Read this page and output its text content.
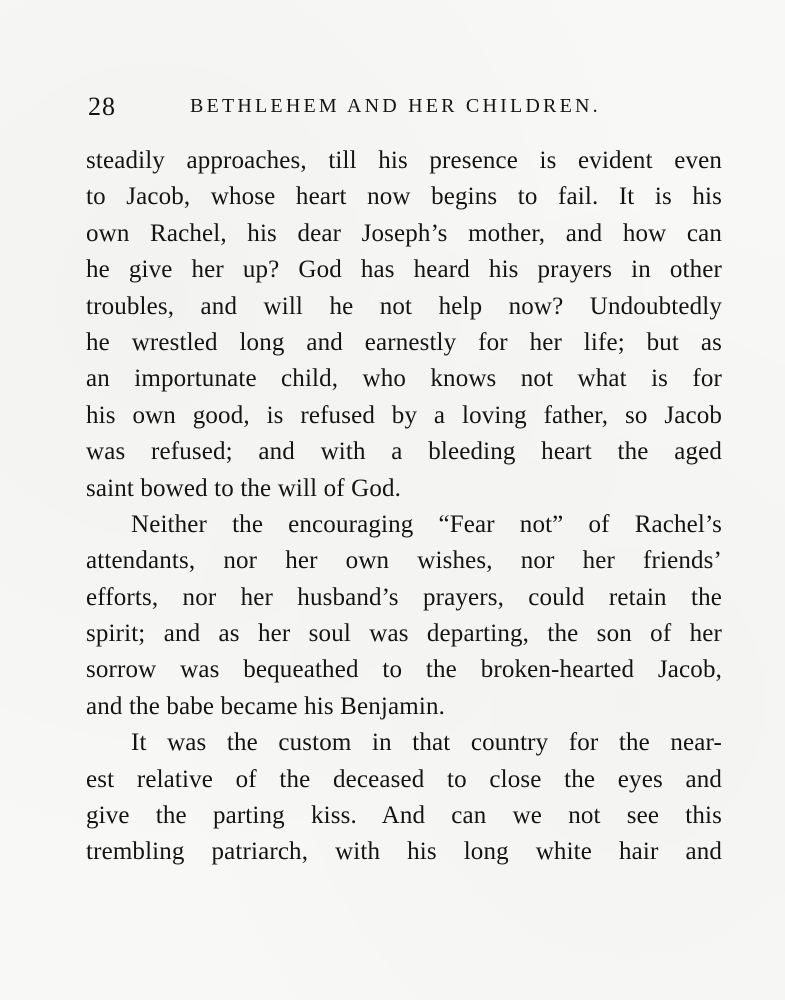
28	BETHLEHEM AND HER CHILDREN.
steadily approaches, till his presence is evident even
to Jacob, whose heart now begins to fail. It is his
own Rachel, his dear Joseph’s mother, and how can
he give her up? God has heard his prayers in other
troubles, and will he not help now? Undoubtedly
he wrestled long and earnestly for her life; but as
an importunate child, who knows not what is for
his own good, is refused by a loving father, so Jacob
was refused; and with a bleeding heart the aged
saint bowed to the will of God.
Neither the encouraging “Fear not” of Rachel’s
attendants, nor her own wishes, nor her friends’
efforts, nor her husband’s prayers, could retain the
spirit; and as her soul was departing, the son of her
sorrow was bequeathed to the broken-hearted Jacob,
and the babe became his Benjamin.
It was the custom in that country for the near-
est relative of the deceased to close the eyes and
give the parting kiss. And can we not see this
trembling patriarch, with his long white hair and
